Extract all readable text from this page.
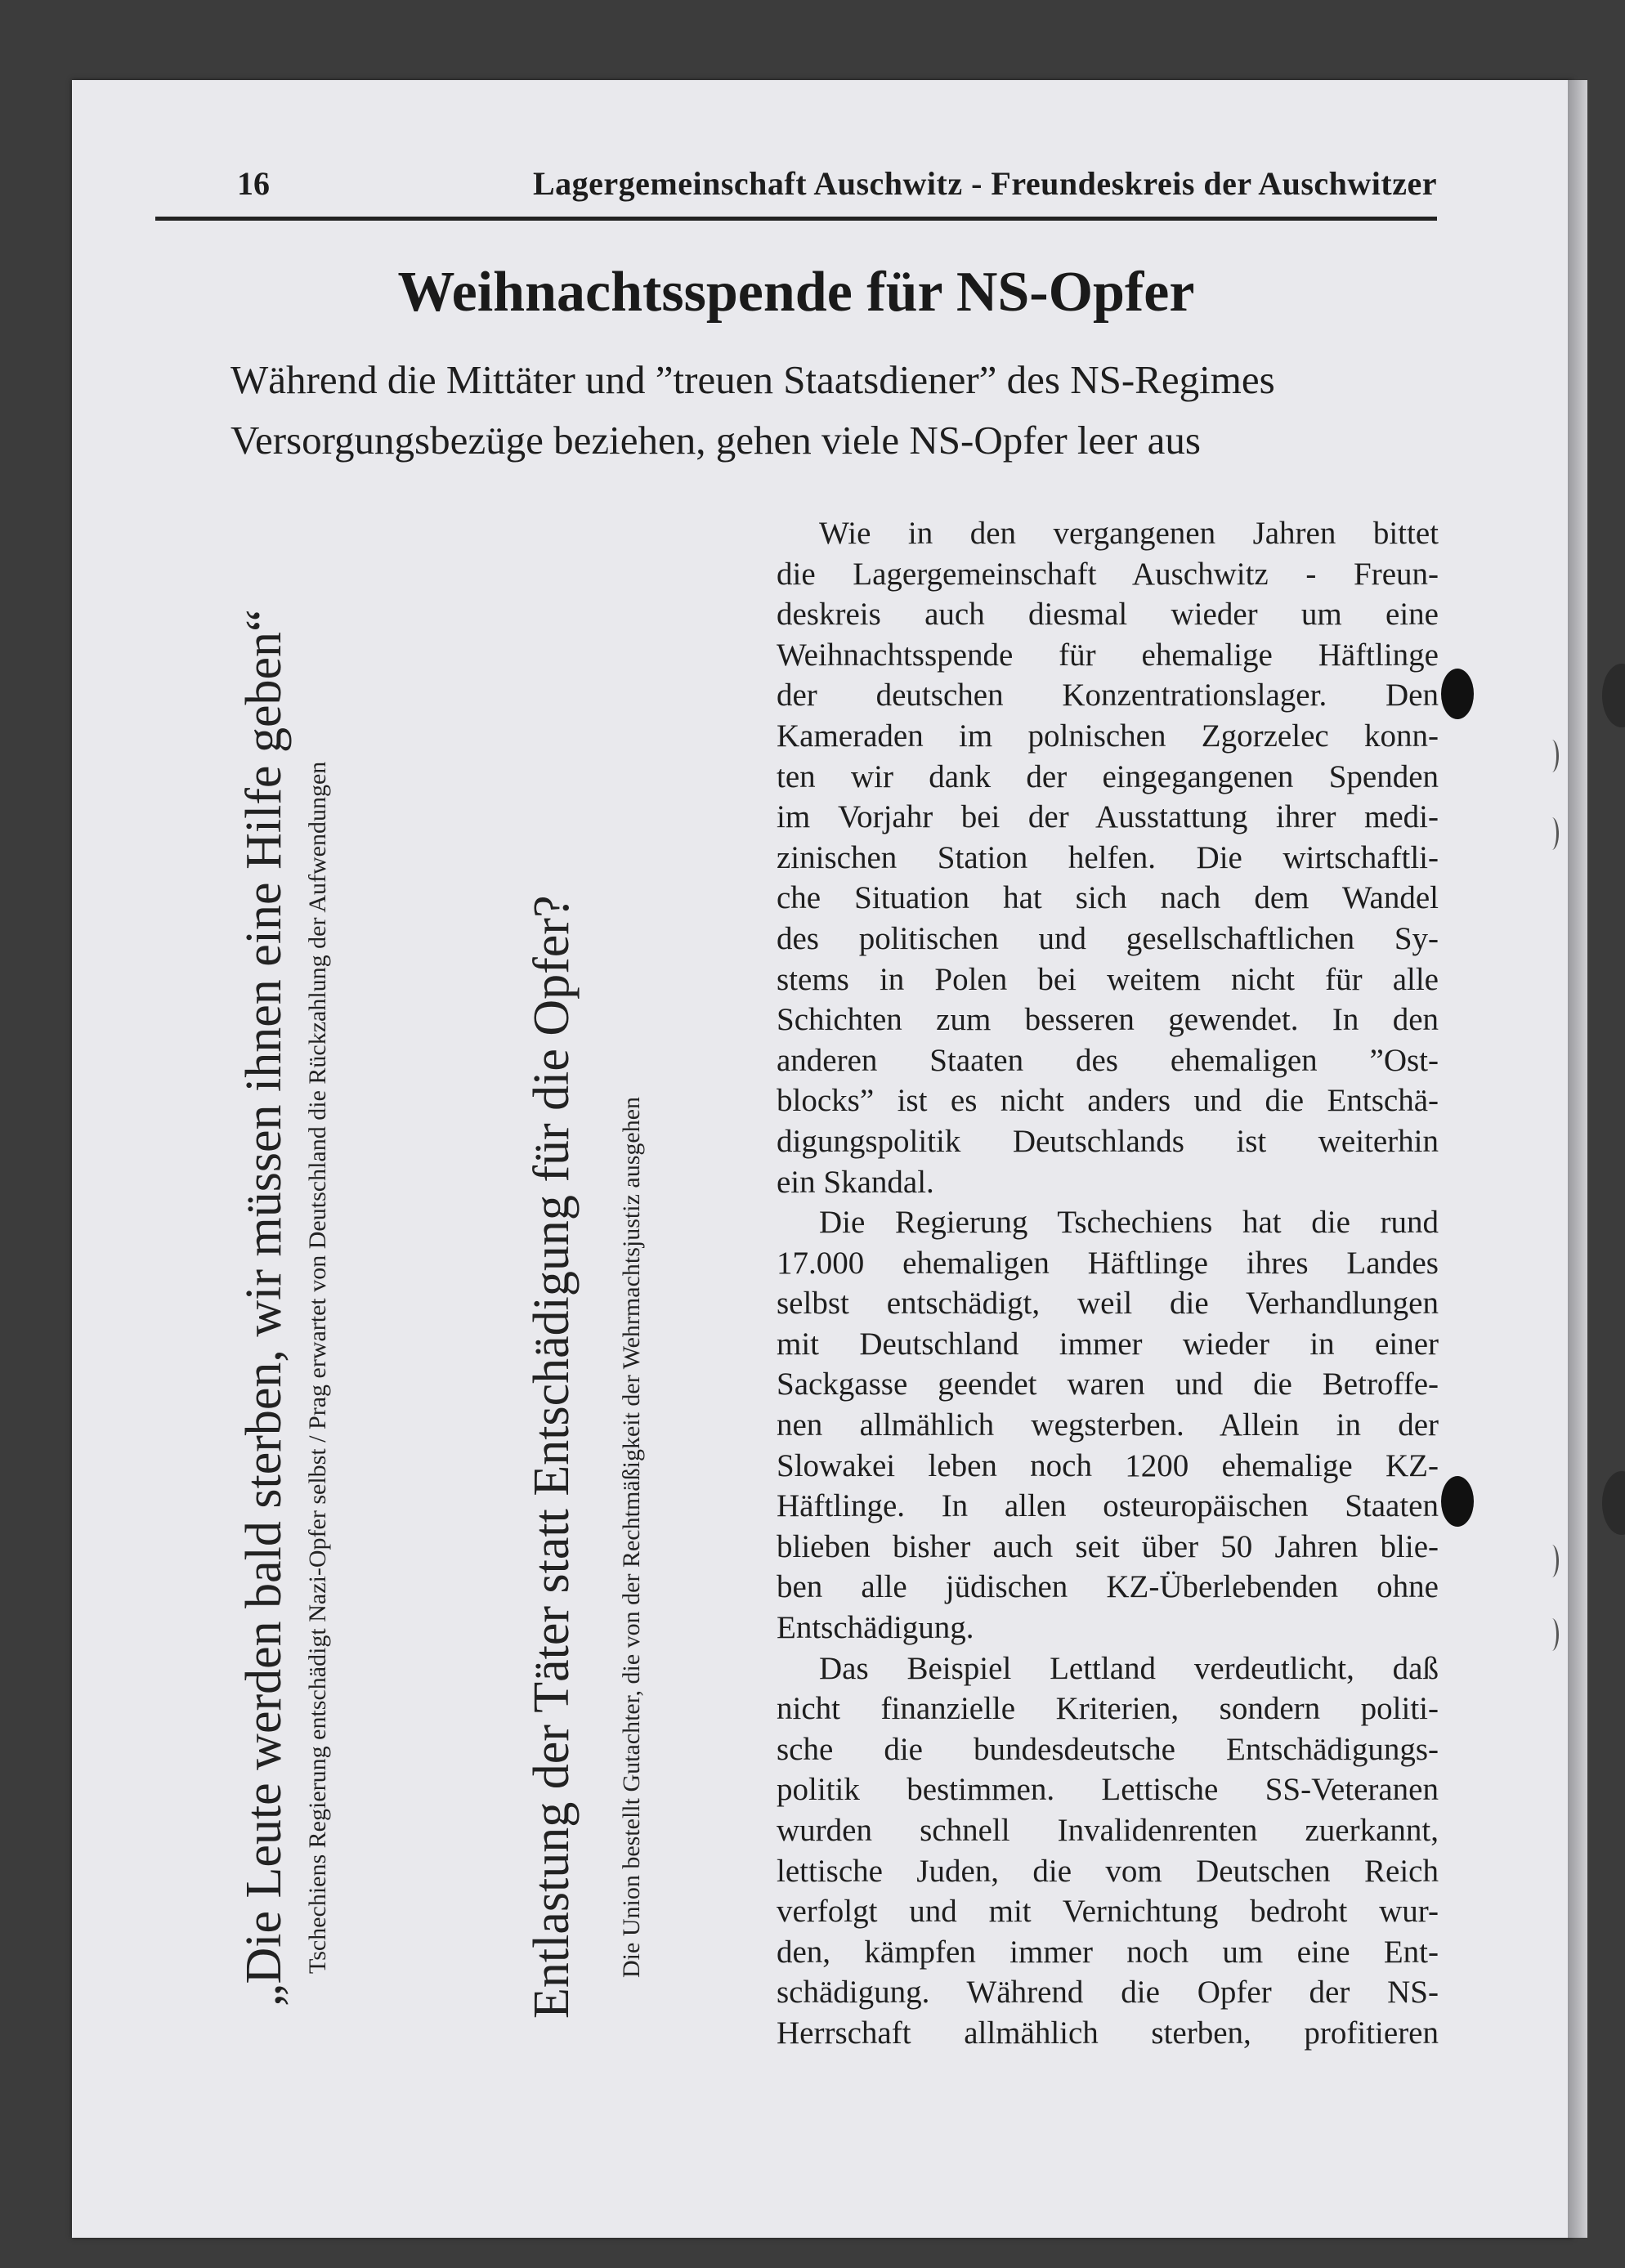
16	Lagergemeinschaft Auschwitz - Freundeskreis der Auschwitzer
Weihnachtsspende für NS-Opfer
Während die Mittäter und ”treuen Staatsdiener” des NS-Regimes
Versorgungsbezüge beziehen, gehen viele NS-Opfer leer aus
„Die Leute werden bald sterben, wir müssen ihnen eine Hilfe geben“ Tschechiens Regierung entschädigt Nazi-Opfer selbst / Prag erwartet von Deutschland die Rückzahlung der Aufwendungen	Entlastung der Täter statt Entschädigung für die Opfer? Die Union bestellt Gutachter, die von der Rechtmäßigkeit der Wehrmachtsjustiz ausgehen

Wie in den vergangenen Jahren bittet
die Lagergemeinschaft Auschwitz - Freun-
deskreis auch diesmal wieder um eine
Weihnachtsspende für ehemalige Häftlinge
der deutschen Konzentrationslager. Den
Kameraden im polnischen Zgorzelec konn-
ten wir dank der eingegangenen Spenden
im Vorjahr bei der Ausstattung ihrer medi-
zinischen Station helfen. Die wirtschaftli-
che Situation hat sich nach dem Wandel
des politischen und gesellschaftlichen Sy-
stems in Polen bei weitem nicht für alle
Schichten zum besseren gewendet. In den
anderen Staaten des ehemaligen ”Ost-
blocks” ist es nicht anders und die Entschä-
digungspolitik Deutschlands ist weiterhin
ein Skandal.

Die Regierung Tschechiens hat die rund
17.000 ehemaligen Häftlinge ihres Landes
selbst entschädigt, weil die Verhandlungen
mit Deutschland immer wieder in einer
Sackgasse geendet waren und die Betroffe-
nen allmählich wegsterben. Allein in der
Slowakei leben noch 1200 ehemalige KZ-
Häftlinge. In allen osteuropäischen Staaten
blieben bisher auch seit über 50 Jahren blie-
ben alle jüdischen KZ-Überlebenden ohne
Entschädigung.

Das Beispiel Lettland verdeutlicht, daß
nicht finanzielle Kriterien, sondern politi-
sche die bundesdeutsche Entschädigungs-
politik bestimmen. Lettische SS-Veteranen
wurden schnell Invalidenrenten zuerkannt,
lettische Juden, die vom Deutschen Reich
verfolgt und mit Vernichtung bedroht wur-
den, kämpfen immer noch um eine Ent-
schädigung. Während die Opfer der NS-
Herrschaft allmählich sterben, profitieren
